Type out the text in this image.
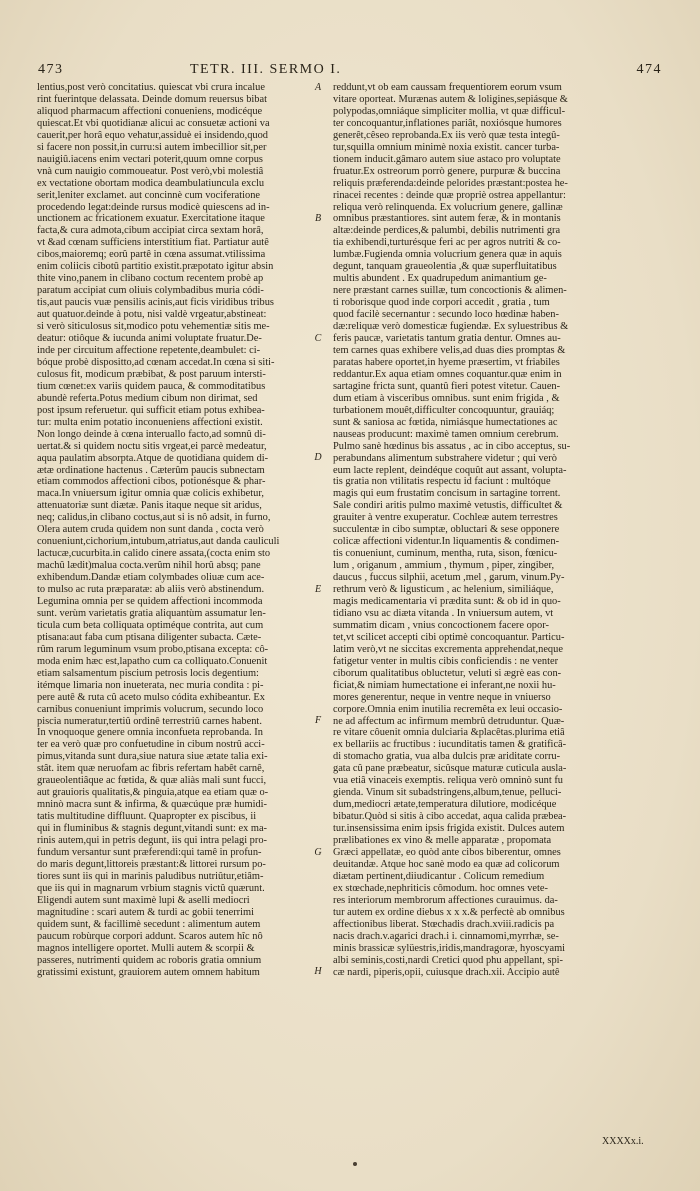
473	TETR. III. SERMO I.	474
lentius,post verò concitatius. quiescat vbi crura incalue
rint fuerintque delassata. Deinde domum reuersus bibat
aliquod pharmacum affectioni conueniens, modicéque
quiescat.Et vbi quotidianæ alicui ac consuetæ actioni va
cauerit,per horâ equo vehatur,assiduè ei insidendo,quod
si facere non possit,in curru:si autem imbecillior sit,per
nauigiû.iacens enim vectari poterit,quum omne corpus
vnà cum nauigio commoueatur. Post verò,vbi molestiâ
ex vectatione obortam modica deambulatiuncula exclu
serit,leniter exclamet. aut concinnè cum vociferatione
procedendo legat:deinde rursus modicè quiescens ad in-
unctionem ac fricationem exuatur. Exercitatione itaque
facta,& cura admota,cibum accipiat circa sextam horâ,
vt &ad cœnam sufficiens interstitium fiat. Partiatur autê
cibos,maioremq; eorû partê in cœna assumat.vtilissima
enim coliicis cibotû partitio existit.præpotato igitur absin
thite vino,panem in clibano coctum recentem probè ap
paratum accipiat cum oliuis colymbadibus muria códi-
tis,aut paucis vuæ pensilis acinis,aut ficis viridibus tribus
aut quatuor.deinde à potu, nisi valdè vrgeatur,abstineat:
si verò siticulosus sit,modico potu vehementiæ sitis me-
deatur: otiôque & iucunda animi voluptate fruatur.De-
inde per circuitum affectione repetente,deambulet: ci-
bóque probè dispositto,ad cœnam accedat.In cœna si siti-
culosus fit, modicum præbibat, & post paruum intersti-
tium cœnet:ex variis quidem pauca, & commoditatibus
abundè referta.Potus medium cibum non dirimat, sed
post ipsum referuetur. qui sufficit etiam potus exhibea-
tur: multa enim potatio inconueniens affectioni existit.
Non longo deinde à cœna interuallo facto,ad somnû di-
uertat.& si quidem noctu sitis vrgeat,ei parcè medeatur,
aqua paulatim absorpta.Atque de quotidiana quidem di-
ætæ ordinatione hactenus . Cæterûm paucis subnectam
etiam commodos affectioni cibos, potionésque & phar-
maca.In vniuersum igitur omnia quæ colicis exhibetur,
attenuatoriæ sunt diætæ. Panis itaque neque sit aridus,
neq; calidus,in clibano coctus,aut si is nô adsit, in furno,
Olera autem cruda quidem non sunt danda , cocta verò
conueniunt,cichorium,intubum,atriatus,aut danda cauliculi
lactucæ,cucurbita.in calido cinere assata,(cocta enim sto
machû lædit)malua cocta.verûm nihil horû absq; pane
exhibendum.Dandæ etiam colymbades oliuæ cum ace-
to mulso ac ruta præparatæ: ab aliis verò abstinendum.
Legumina omnia per se quidem affectioni incommoda
sunt. verùm varietatis gratia aliquantùm assumatur len-
ticula cum beta colliquata optiméque contrita, aut cum
ptisana:aut faba cum ptisana diligenter subacta. Cæte-
rûm rarum leguminum vsum probo,ptisana excepta: cô-
moda enim hæc est,lapatho cum ca colliquato.Conuenit
etiam salsamentum piscium petrosis locis degentium:
itémque limaria non inueterata, nec muria condita : pi-
pere autê & ruta cû aceto mulso códita exhibeantur. Ex
carnibus conueniunt imprimis volucrum, secundo loco
piscia numeratur,tertiû ordinê terrestriû carnes habent.
In vnoquoque genere omnia inconfueta reprobanda. In
ter ea verò quæ pro confuetudine in cibum nostrû acci-
pimus,vitanda sunt dura,siue natura siue ætate talia exi-
stât. item quæ neruofam ac fibris refertam habêt carnê,
graueolentiâque ac fœtida, & quæ aliàs mali sunt fucci,
aut grauioris qualitatis,& pinguia,atque ea etiam quæ o-
mninò macra sunt & infirma, & quæcúque præ humidi-
tatis multitudine diffluunt. Quapropter ex piscibus, ii
qui in fluminibus & stagnis degunt,vitandi sunt: ex ma-
rinis autem,qui in petris degunt, iis qui intra pelagi pro-
fundum versantur sunt præferendi:qui tamê in profun-
do maris degunt,littoreis præstant:& littorei rursum po-
tiores sunt iis qui in marinis paludibus nutriûtur,etiâm-
que iis qui in magnarum vrbium stagnis victû quærunt.
Eligendi autem sunt maximè lupi & aselli mediocri
magnitudine : scari autem & turdi ac gobii tenerrimi
quidem sunt, & facillimè secedunt : alimentum autem
paucum robùrque corpori addunt. Scaros autem hîc nô
magnos intelligere oportet. Mulli autem & scorpii &
passeres, nutrimenti quidem ac roboris gratia omnium
gratissimi existunt, grauiorem autem omnem habitum
A
B
C
D
E
F
G
H
reddunt,vt ob eam caussam frequentiorem eorum vsum
vitare oporteat. Murænas autem & loligines,sepiásque &
polypodas,omniáque simpliciter mollia, vt quæ difficul-
ter concoquantur,inflationes pariât, noxiósque humores
generêt,cêseo reprobanda.Ex iis verò quæ testa integû-
tur,squilla omnium minimè noxia existit. cancer turba-
tionem inducit.gâmaro autem siue astaco pro voluptate
fruatur.Ex ostreorum porrò genere, purpuræ & buccina
reliquis præferenda:deinde pelorides præstant:postea he-
rinacei recentes : deinde quæ propriè ostrea appellantur:
reliqua verò relinquenda. Ex volucrium genere, gallinæ
omnibus præstantiores. sint autem feræ, & in montanis
altæ:deinde perdices,& palumbi, debilis nutrimenti gra
tia exhibendi,turturésque feri ac per agros nutriti & co-
lumbæ.Fugienda omnia volucrium genera quæ in aquis
degunt, tanquam graueolentia ,& quæ superfluitatibus
multis abundent . Ex quadrupedum animantium ge-
nere præstant carnes suillæ, tum concoctionis & alimen-
ti roborisque quod inde corpori accedit , gratia , tum
quod facilè secernantur : secundo loco hœdinæ haben-
dæ:reliquæ verò domesticæ fugiendæ. Ex syluestribus &
feris paucæ, varietatis tantum gratia dentur. Omnes au-
tem carnes quas exhibere velis,ad duas dies promptas &
paratas habere oportet,in hyeme præsertim, vt friabiles
reddantur.Ex aqua etiam omnes coquantur.quæ enim in
sartagine fricta sunt, quantû fieri potest vitetur. Cauen-
dum etiam à visceribus omnibus. sunt enim frigida , &
turbationem mouêt,difficulter concoquuntur, grauiáq;
sunt & saniosa ac fœtida, nimiásque humectationes ac
nauseas producunt: maximè tamen omnium cerebrum.
Pulmo sanè hœdinus bis assatus , ac in cibo acceptus, su-
perabundans alimentum substrahere videtur ; qui verò
eum lacte replent, deindéque coquût aut assant, volupta-
tis gratia non vtilitatis respectu id faciunt : multóque
magis qui eum frustatim concisum in sartagine torrent.
Sale condiri aritis pulmo maximè vetustis, difficultet &
grauiter à ventre exuperatur. Cochleæ autem terrestres
succulentæ in cibo sumptæ, obluctari & sese opponere
colicæ affectioni videntur.In liquamentis & condimen-
tis conueniunt, cuminum, mentha, ruta, sison, fœnicu-
lum , origanum , ammium , thymum , piper, zingiber,
daucus , fuccus silphii, acetum ,mel , garum, vinum.Py-
rethrum verò & ligusticum , ac helenium, similiáque,
magis medicamentaria vi prædita sunt: & ob id in quo-
tidiano vsu ac diæta vitanda . In vniuersum autem, vt
summatim dicam , vnius concoctionem facere opor-
tet,vt scilicet accepti cibi optimè concoquantur. Particu-
latim verò,vt ne siccitas excrementa apprehendat,neque
fatigetur venter in multis cibis conficiendis : ne venter
ciborum qualitatibus obluctetur, veluti si ægrè eas con-
ficiat,& nimiam humectatione ei inferant,ne noxii hu-
mores generentur, neque in ventre neque in vniuerso
corpore.Omnia enim inutilia recremêta ex leui occasio-
ne ad affectum ac infirmum membrû detruduntur. Quæ-
re vitare côuenit omnia dulciaria &placêtas.plurima etiâ
ex bellariis ac fructibus : iucunditatis tamen & gratificâ-
di stomacho gratia, vua alba dulcis præ ariditate corru-
gata cû pane præbeatur, sicûsque maturæ cuticula ausla-
vua etiâ vinaceis exemptis. reliqua verò omninò sunt fu
gienda. Vinum sit subadstringens,album,tenue, pelluci-
dum,mediocri ætate,temperatura dilutiore, modicéque
bibatur.Quòd si sitis à cibo accedat, aqua calida præbea-
tur.insensissima enim ipsis frigida existit. Dulces autem
prælibationes ex vino & melle apparatæ , propomata
Græci appellatæ, eo quòd ante cibos biberentur, omnes
deuitandæ. Atque hoc sanè modo ea quæ ad colicorum
diætam pertinent,diiudicantur . Colicum remedium
ex stœchade,nephriticis cômodum. hoc omnes vete-
res interiorum membrorum affectiones curauimus. da-
tur autem ex ordine diebus x x x.& perfectè ab omnibus
affectionibus liberat. Stœchadis drach.xviii.radicis pa
nacis drach.v.agarici drach.i i. cinnamomi,myrrhæ, se-
minis brassicæ sylüestris,iridis,mandragoræ, hyoscyami
albi seminis,costi,nardi Cretici quod phu appellant, spi-
cæ nardi, piperis,opii, cuiusque drach.xii. Accipio autê
XXXXx.i.
